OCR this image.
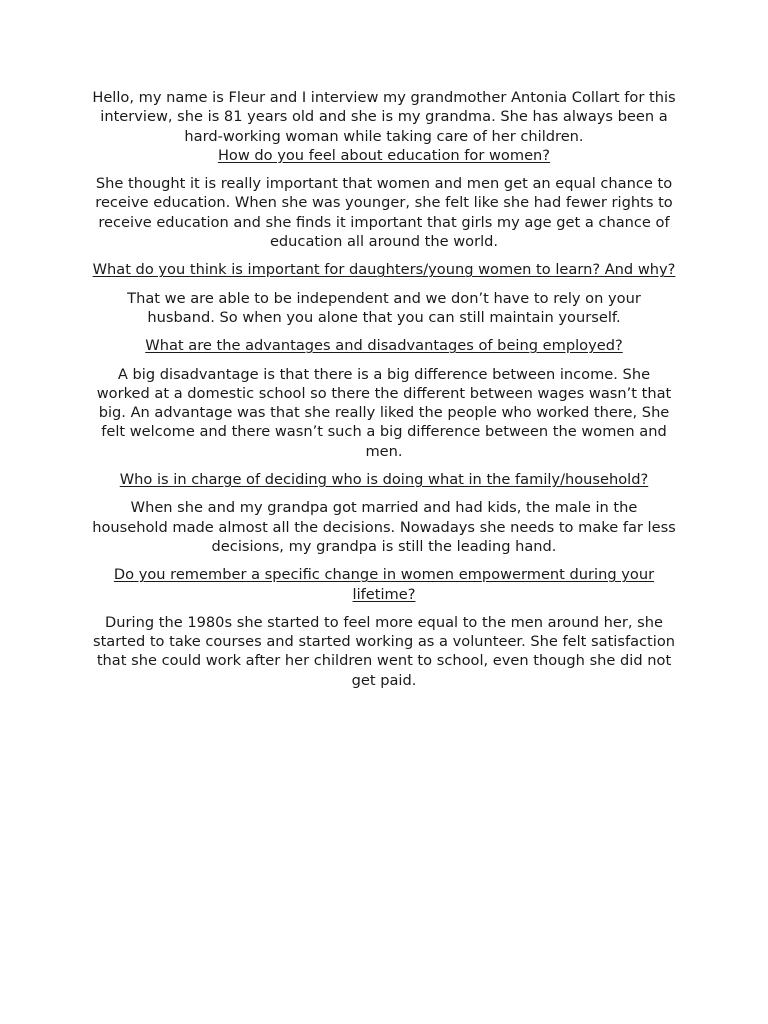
Hello, my name is Fleur and I interview my grandmother Antonia Collart for this interview, she is 81 years old and she is my grandma. She has always been a hard-working woman while taking care of her children.

How do you feel about education for women?

She thought it is really important that women and men get an equal chance to receive education. When she was younger, she felt like she had fewer rights to receive education and she finds it important that girls my age get a chance of education all around the world.

What do you think is important for daughters/young women to learn? And why?

That we are able to be independent and we don’t have to rely on your husband. So when you alone that you can still maintain yourself.

What are the advantages and disadvantages of being employed?

A big disadvantage is that there is a big difference between income. She worked at a domestic school so there the different between wages wasn’t that big. An advantage was that she really liked the people who worked there, She felt welcome and there wasn’t such a big difference between the women and men.

Who is in charge of deciding who is doing what in the family/household?

When she and my grandpa got married and had kids, the male in the household made almost all the decisions. Nowadays she needs to make far less decisions, my grandpa is still the leading hand.

Do you remember a specific change in women empowerment during your lifetime?

During the 1980s she started to feel more equal to the men around her, she started to take courses and started working as a volunteer. She felt satisfaction that she could work after her children went to school, even though she did not get paid.
